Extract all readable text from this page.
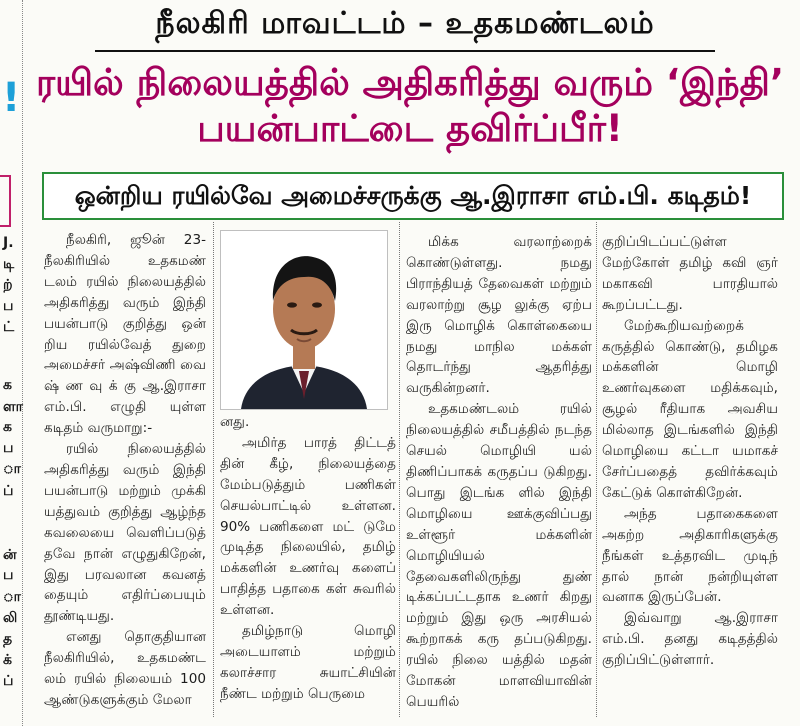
!
J.
டி
ற்
ப
ட்
க
ளா
க
ப
ா
ப்
ன்
ப
ா
லி
த
க்
ப்
நீலகிரி மாவட்டம் – உதகமண்டலம்
ரயில் நிலையத்தில் அதிகரித்து வரும் ‘இந்தி’ பயன்பாட்டை தவிர்ப்பீர்!
ஒன்றிய ரயில்வே அமைச்சருக்கு ஆ.இராசா எம்.பி. கடிதம்!

நீலகிரி, ஜூன் 23- நீலகிரியில் உதகமண் டலம் ரயில் நிலையத்தில் அதிகரித்து வரும் இந்தி பயன்பாடு குறித்து ஒன் றிய ரயில்வேத் துறை அமைச்சர் அஷ்விணி வை ஷ் ண வு க் கு ஆ.இராசா எம்.பி. எழுதி யுள்ள கடிதம் வருமாறு:-

ரயில் நிலையத்தில் அதிகரித்து வரும் இந்தி பயன்பாடு மற்றும் முக்கி யத்துவம் குறித்து ஆழ்ந்த கவலையை வெளிப்படுத் தவே நான் எழுதுகிறேன், இது பரவலான கவனத் தையும் எதிர்ப்பையும் தூண்டியது.

எனது தொகுதியான நீலகிரியில், உதகமண்ட லம் ரயில் நிலையம் 100 ஆண்டுகளுக்கும் மேலா

னது.

அமிர்த பாரத் திட்டத் தின் கீழ், நிலையத்தை மேம்படுத்தும் பணிகள் செயல்பாட்டில் உள்ளன. 90% பணிகளை மட் டுமே முடித்த நிலையில், தமிழ் மக்களின் உணர்வு களைப் பாதித்த பதாகை கள் சுவரில் உள்ளன.

தமிழ்நாடு மொழி அடையாளம் மற்றும் கலாச்சார சுயாட்சியின் நீண்ட மற்றும் பெருமை

மிக்க வரலாற்றைக் கொண்டுள்ளது. நமது பிராந்தியத் தேவைகள் மற்றும் வரலாற்று சூழ லுக்கு ஏற்ப இரு மொழிக் கொள்கையை நமது மாநில மக்கள் தொடர்ந்து ஆதரித்து வருகின்றனர்.

உதகமண்டலம் ரயில் நிலையத்தில் சமீபத்தில் நடந்த செயல் மொழியி யல் திணிப்பாகக் கருதப்ப டுகிறது. பொது இடங்க ளில் இந்தி மொழியை ஊக்குவிப்பது உள்ளூர் மக்களின் மொழியியல் தேவைகளிலிருந்து துண் டிக்கப்பட்டதாக உணர் கிறது மற்றும் இது ஒரு அரசியல் கூற்றாகக் கரு தப்படுகிறது. ரயில் நிலை யத்தில் மதன் மோகன் மாளவியாவின் பெயரில்

குறிப்பிடப்பட்டுள்ள மேற்கோள் தமிழ் கவி ஞர் மகாகவி பாரதியால் கூறப்பட்டது.

மேற்கூறியவற்றைக் கருத்தில் கொண்டு, தமிழக மக்களின் மொழி உணர்வுகளை மதிக்கவும், சூழல் ரீதியாக அவசிய மில்லாத இடங்களில் இந்தி மொழியை கட்டா யமாகச் சேர்ப்பதைத் தவிர்க்கவும் கேட்டுக் கொள்கிறேன்.

அந்த பதாகைகளை அகற்ற அதிகாரிகளுக்கு நீங்கள் உத்தரவிட முடிந் தால் நான் நன்றியுள்ள வனாக இருப்பேன்.

இவ்வாறு ஆ.இராசா எம்.பி. தனது கடிதத்தில் குறிப்பிட்டுள்ளார்.
